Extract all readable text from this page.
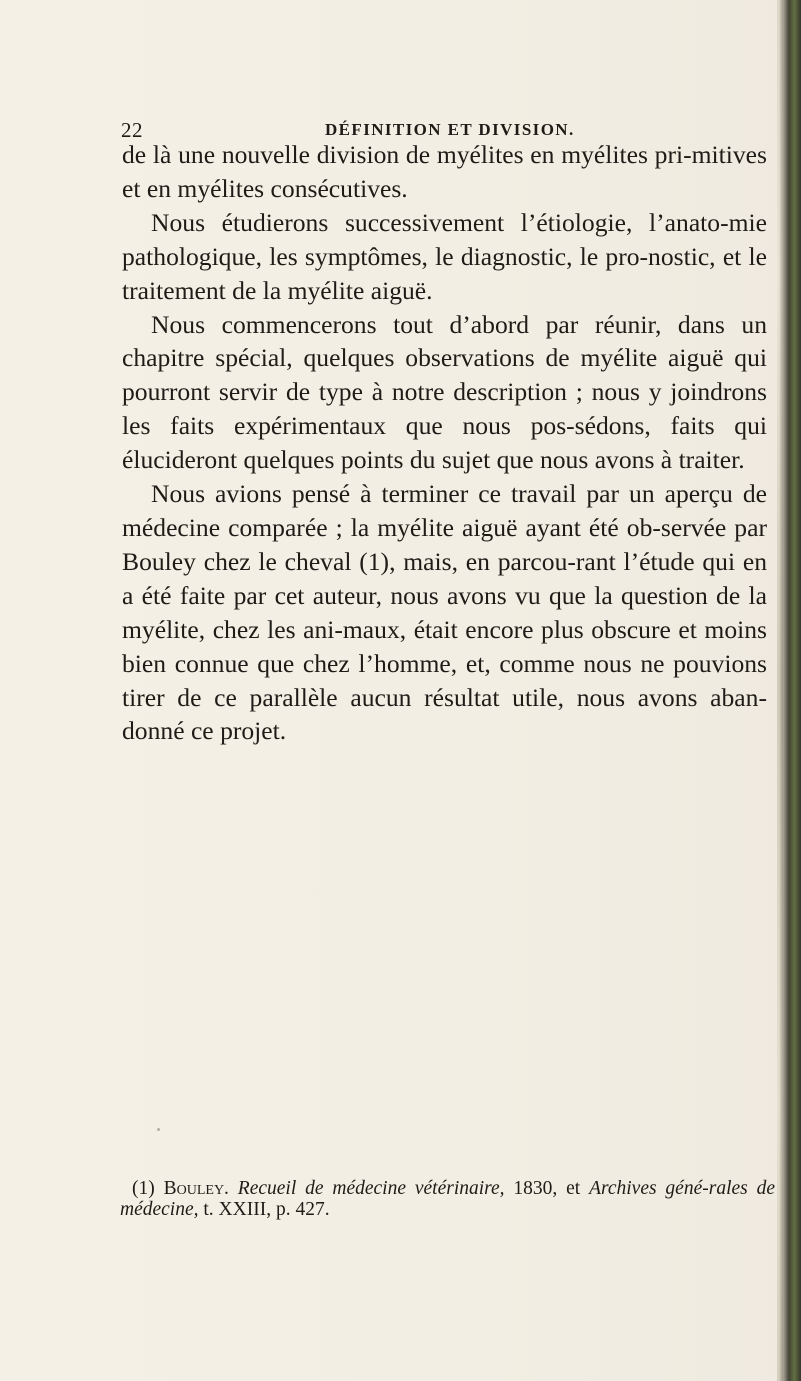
22	DÉFINITION ET DIVISION.

de là une nouvelle division de myélites en myélites pri-mitives et en myélites consécutives.

Nous étudierons successivement l’étiologie, l’anato-mie pathologique, les symptômes, le diagnostic, le pro-nostic, et le traitement de la myélite aiguë.

Nous commencerons tout d’abord par réunir, dans un chapitre spécial, quelques observations de myélite aiguë qui pourront servir de type à notre description ; nous y joindrons les faits expérimentaux que nous pos-sédons, faits qui élucideront quelques points du sujet que nous avons à traiter.

Nous avions pensé à terminer ce travail par un aperçu de médecine comparée ; la myélite aiguë ayant été ob-servée par Bouley chez le cheval (1), mais, en parcou-rant l’étude qui en a été faite par cet auteur, nous avons vu que la question de la myélite, chez les ani-maux, était encore plus obscure et moins bien connue que chez l’homme, et, comme nous ne pouvions tirer de ce parallèle aucun résultat utile, nous avons aban-donné ce projet.

(1) Bouley. Recueil de médecine vétérinaire, 1830, et Archives géné-rales de médecine, t. XXIII, p. 427.
